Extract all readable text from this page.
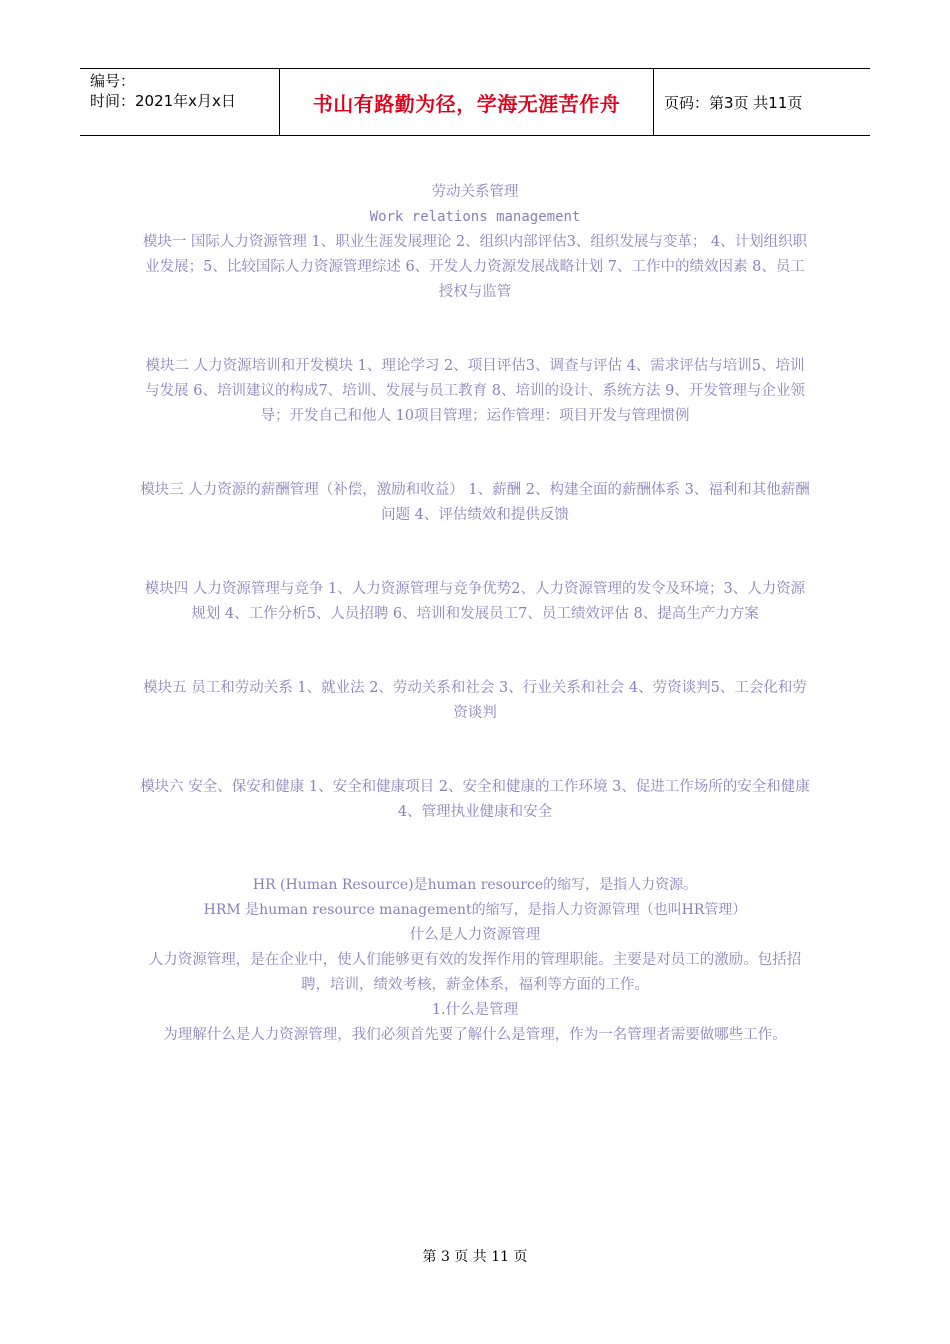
编号：
时间：2021年x月x日	书山有路勤为径，学海无涯苦作舟	页码：第3页 共11页

劳动关系管理

Work relations management

模块一 国际人力资源管理 1、职业生涯发展理论 2、组织内部评估3、组织发展与变革； 4、计划组织职业发展；5、比较国际人力资源管理综述 6、开发人力资源发展战略计划 7、工作中的绩效因素 8、员工授权与监管

模块二 人力资源培训和开发模块 1、理论学习 2、项目评估3、调查与评估 4、需求评估与培训5、培训与发展 6、培训建议的构成7、培训、发展与员工教育 8、培训的设计、系统方法 9、开发管理与企业领导；开发自己和他人 10项目管理；运作管理：项目开发与管理惯例

模块三 人力资源的薪酬管理（补偿，激励和收益） 1、薪酬 2、构建全面的薪酬体系 3、福利和其他薪酬问题 4、评估绩效和提供反馈

模块四 人力资源管理与竞争 1、人力资源管理与竞争优势2、人力资源管理的发令及环境；3、人力资源规划 4、工作分析5、人员招聘 6、培训和发展员工7、员工绩效评估 8、提高生产力方案

模块五 员工和劳动关系 1、就业法 2、劳动关系和社会 3、行业关系和社会 4、劳资谈判5、工会化和劳资谈判

模块六 安全、保安和健康 1、安全和健康项目 2、安全和健康的工作环境 3、促进工作场所的安全和健康 4、管理执业健康和安全

HR (Human Resource)是human resource的缩写，是指人力资源。

HRM 是human resource management的缩写，是指人力资源管理（也叫HR管理）

什么是人力资源管理

人力资源管理，是在企业中，使人们能够更有效的发挥作用的管理职能。主要是对员工的激励。包括招聘，培训，绩效考核，薪金体系，福利等方面的工作。

1.什么是管理

为理解什么是人力资源管理，我们必须首先要了解什么是管理，作为一名管理者需要做哪些工作。

第 3 页 共 11 页
